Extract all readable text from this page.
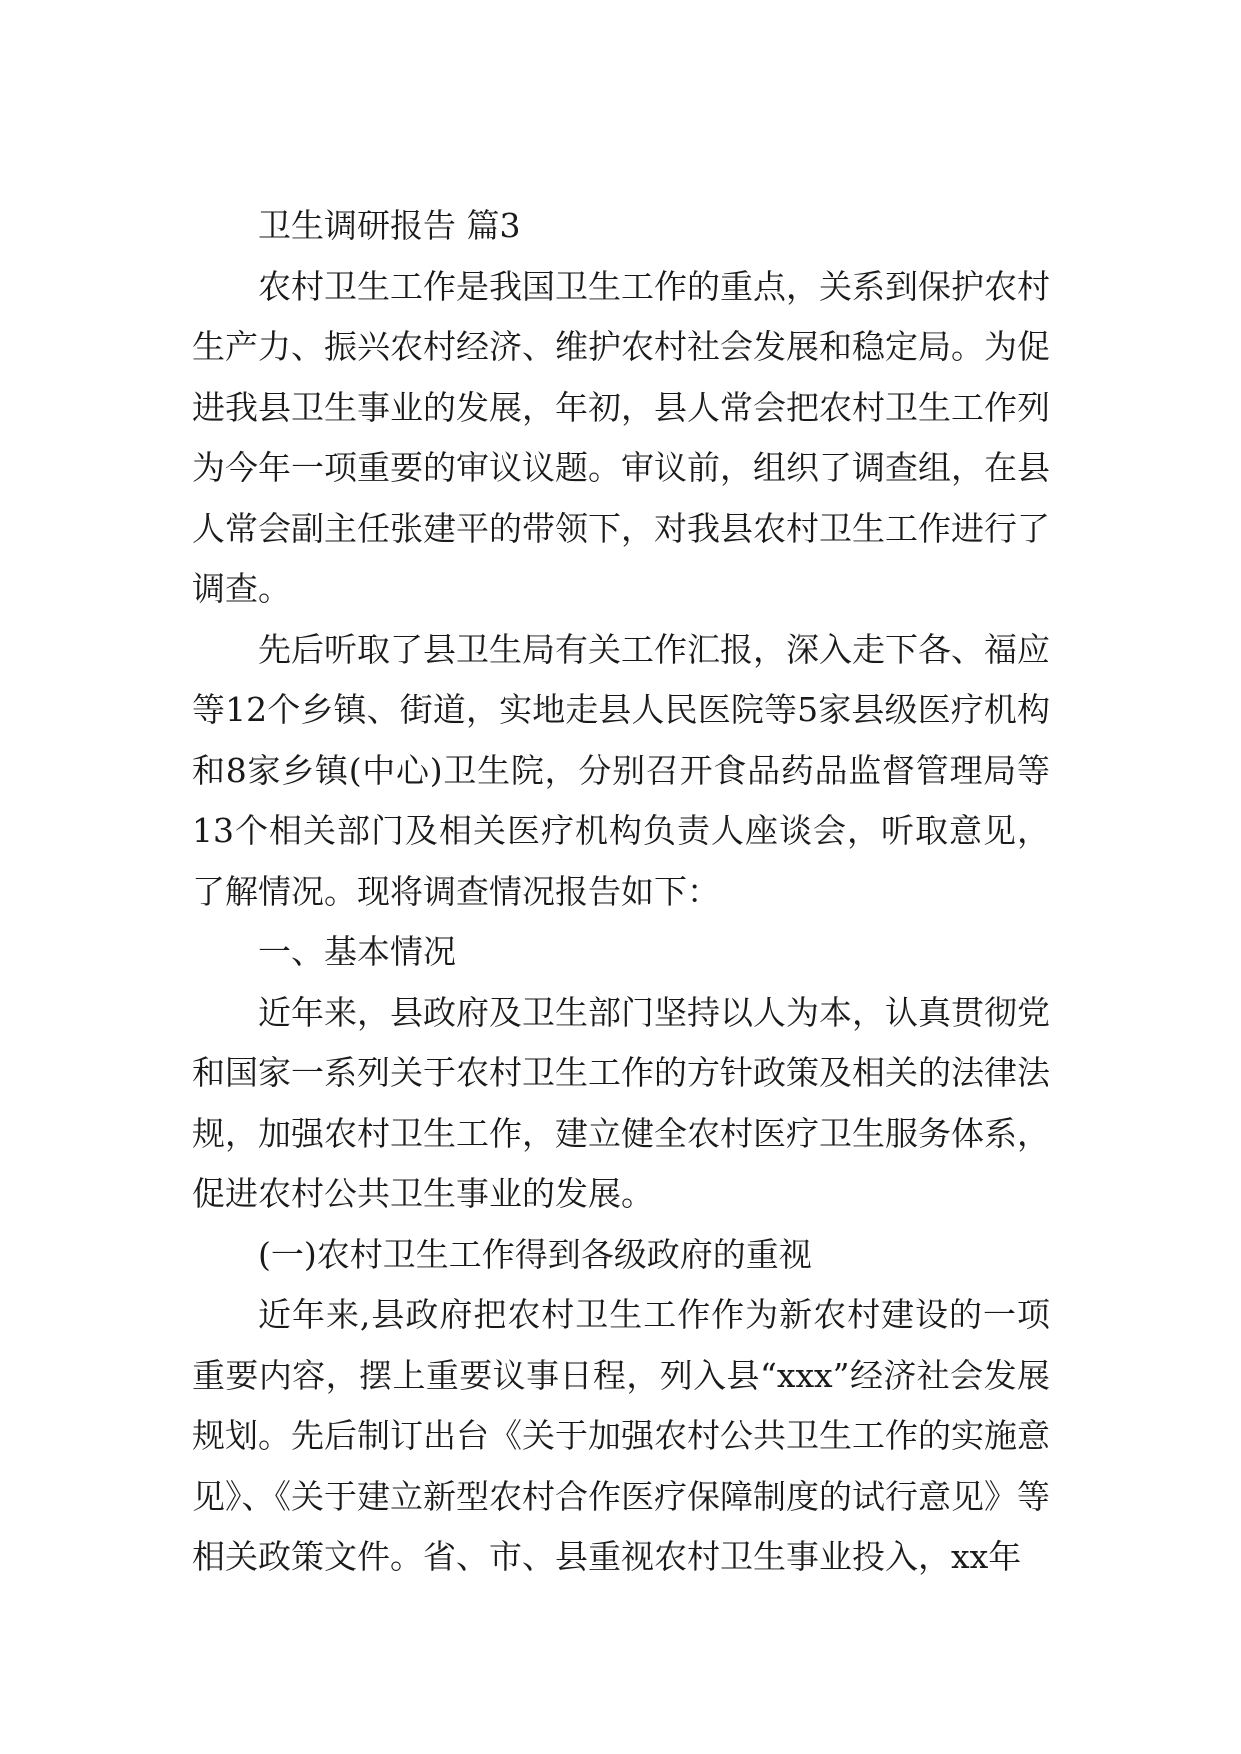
卫生调研报告 篇3

农村卫生工作是我国卫生工作的重点，关系到保护农村生产力、振兴农村经济、维护农村社会发展和稳定局。为促进我县卫生事业的发展，年初，县人常会把农村卫生工作列为今年一项重要的审议议题。审议前，组织了调查组，在县人常会副主任张建平的带领下，对我县农村卫生工作进行了调查。

先后听取了县卫生局有关工作汇报，深入走下各、福应等12个乡镇、街道，实地走县人民医院等5家县级医疗机构和8家乡镇(中心)卫生院，分别召开食品药品监督管理局等13个相关部门及相关医疗机构负责人座谈会，听取意见，了解情况。现将调查情况报告如下：

一、基本情况

近年来，县政府及卫生部门坚持以人为本，认真贯彻党和国家一系列关于农村卫生工作的方针政策及相关的法律法规，加强农村卫生工作，建立健全农村医疗卫生服务体系，促进农村公共卫生事业的发展。

(一)农村卫生工作得到各级政府的重视

近年来,县政府把农村卫生工作作为新农村建设的一项重要内容，摆上重要议事日程，列入县“xxx”经济社会发展规划。先后制订出台《关于加强农村公共卫生工作的实施意见》、《关于建立新型农村合作医疗保障制度的试行意见》等相关政策文件。省、市、县重视农村卫生事业投入，xx年
